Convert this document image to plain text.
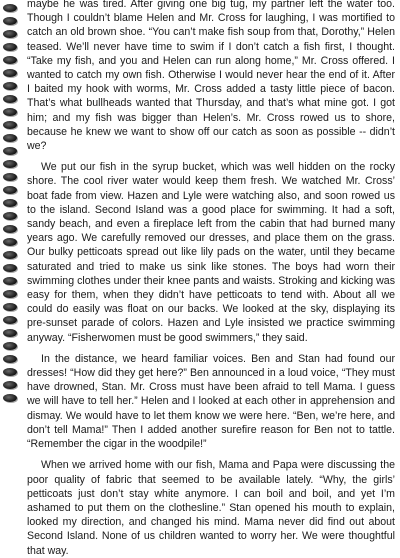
maybe he was tired. After giving one big tug, my partner left the water too. Though I couldn’t blame Helen and Mr. Cross for laughing, I was mortified to catch an old brown shoe. “You can’t make fish soup from that, Dorothy,” Helen teased. We’ll never have time to swim if I don’t catch a fish first, I thought. “Take my fish, and you and Helen can run along home,” Mr. Cross offered. I wanted to catch my own fish. Otherwise I would never hear the end of it. After I baited my hook with worms, Mr. Cross added a tasty little piece of bacon. That’s what bullheads wanted that Thursday, and that’s what mine got. I got him; and my fish was bigger than Helen’s. Mr. Cross rowed us to shore, because he knew we want to show off our catch as soon as possible -- didn’t we?

We put our fish in the syrup bucket, which was well hidden on the rocky shore. The cool river water would keep them fresh. We watched Mr. Cross’ boat fade from view. Hazen and Lyle were watching also, and soon rowed us to the island. Second Island was a good place for swimming. It had a soft, sandy beach, and even a fireplace left from the cabin that had burned many years ago. We carefully removed our dresses, and place them on the grass. Our bulky petticoats spread out like lily pads on the water, until they became saturated and tried to make us sink like stones. The boys had worn their swimming clothes under their knee pants and waists. Stroking and kicking was easy for them, when they didn’t have petticoats to tend with. About all we could do easily was float on our backs. We looked at the sky, displaying its pre-sunset parade of colors. Hazen and Lyle insisted we practice swimming anyway. “Fisherwomen must be good swimmers,” they said.

In the distance, we heard familiar voices. Ben and Stan had found our dresses! “How did they get here?” Ben announced in a loud voice, “They must have drowned, Stan. Mr. Cross must have been afraid to tell Mama. I guess we will have to tell her.” Helen and I looked at each other in apprehension and dismay. We would have to let them know we were here. “Ben, we’re here, and don’t tell Mama!” Then I added another surefire reason for Ben not to tattle. “Remember the cigar in the woodpile!”

When we arrived home with our fish, Mama and Papa were discussing the poor quality of fabric that seemed to be available lately. “Why, the girls’ petticoats just don’t stay white anymore. I can boil and boil, and yet I’m ashamed to put them on the clothesline.” Stan opened his mouth to explain, looked my direction, and changed his mind. Mama never did find out about Second Island. None of us children wanted to worry her. We were thoughtful that way.
